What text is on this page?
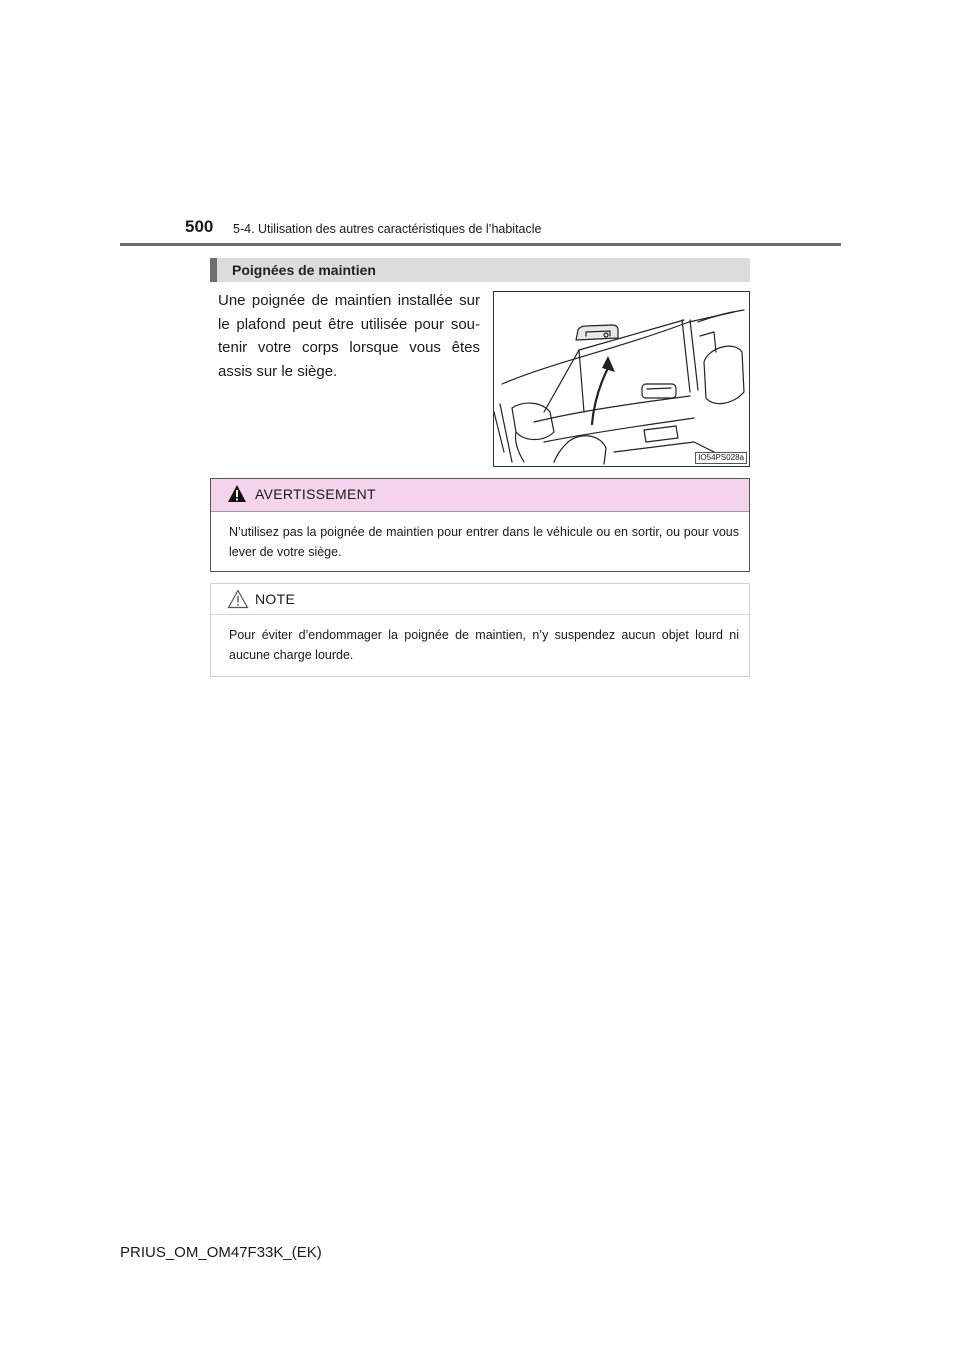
500 5-4. Utilisation des autres caractéristiques de l’habitacle
Poignées de maintien
Une poignée de maintien installée sur le plafond peut être utilisée pour sou-tenir votre corps lorsque vous êtes assis sur le siège.
IO54PS028a
AVERTISSEMENT
N’utilisez pas la poignée de maintien pour entrer dans le véhicule ou en sortir, ou pour vous lever de votre siège.
NOTE
Pour éviter d’endommager la poignée de maintien, n’y suspendez aucun objet lourd ni aucune charge lourde.
PRIUS_OM_OM47F33K_(EK)
